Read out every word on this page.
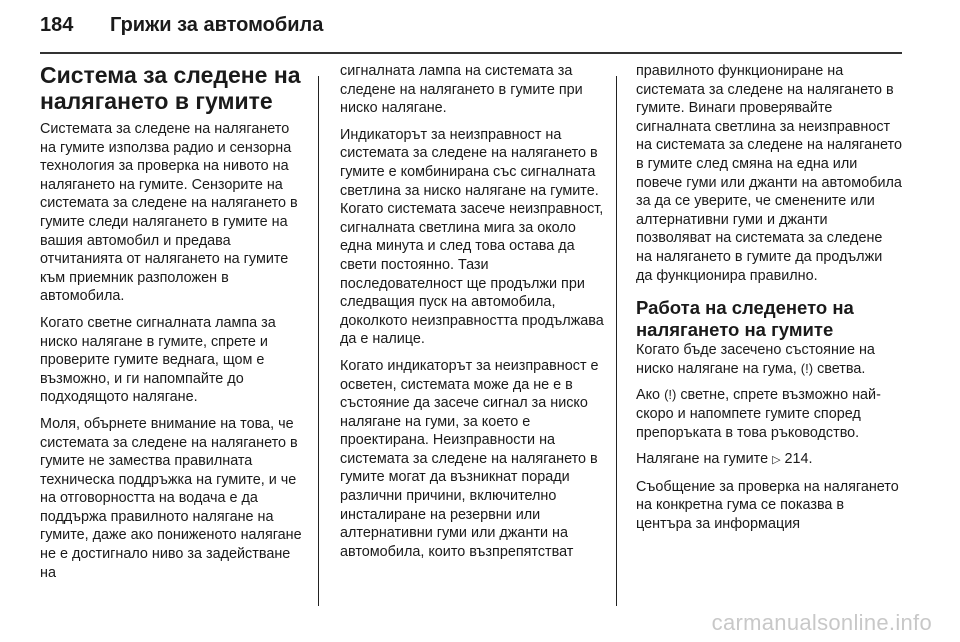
184	Грижи за автомобила
Система за следене на налягането в гумите

Системата за следене на налягането на гумите използва радио и сензорна технология за проверка на нивото на налягането на гумите. Сензорите на системата за следене на налягането в гумите следи налягането в гумите на вашия автомобил и предава отчитанията от налягането на гумите към приемник разположен в автомобила.

Когато светне сигналната лампа за ниско налягане в гумите, спрете и проверите гумите веднага, щом е възможно, и ги напомпайте до подходящото налягане.

Моля, обърнете внимание на това, че системата за следене на налягането в гумите не замества правилната техническа поддръжка на гумите, и че на отговорността на водача е да поддържа правилното налягане на гумите, даже ако пониженото налягане не е достигнало ниво за задействане на

сигналната лампа на системата за следене на налягането в гумите при ниско налягане.

Индикаторът за неизправност на системата за следене на налягането в гумите е комбинирана със сигналната светлина за ниско налягане на гумите. Когато системата засече неизправност, сигналната светлина мига за около една минута и след това остава да свети постоянно. Тази последователност ще продължи при следващия пуск на автомобила, доколкото неизправността продължава да е налице.

Когато индикаторът за неизправност е осветен, системата може да не е в състояние да засече сигнал за ниско налягане на гуми, за което е проектирана. Неизправности на системата за следене на налягането в гумите могат да възникнат поради различни причини, включително инсталиране на резервни или алтернативни гуми или джанти на автомобила, които възпрепятстват

правилното функциониране на системата за следене на налягането в гумите. Винаги проверявайте сигналната светлина за неизправност на системата за следене на налягането в гумите след смяна на една или повече гуми или джанти на автомобила за да се уверите, че сменените или алтернативни гуми и джанти позволяват на системата за следене на налягането в гумите да продължи да функционира правилно.

Работа на следенето на налягането на гумите

Когато бъде засечено състояние на ниско налягане на гума, (!) светва.

Ако (!) светне, спрете възможно най-скоро и напомпете гумите според препоръката в това ръководство.

Налягане на гумите ▷ 214.

Съобщение за проверка на налягането на конкретна гума се показва в центъра за информация

carmanualsonline.info
